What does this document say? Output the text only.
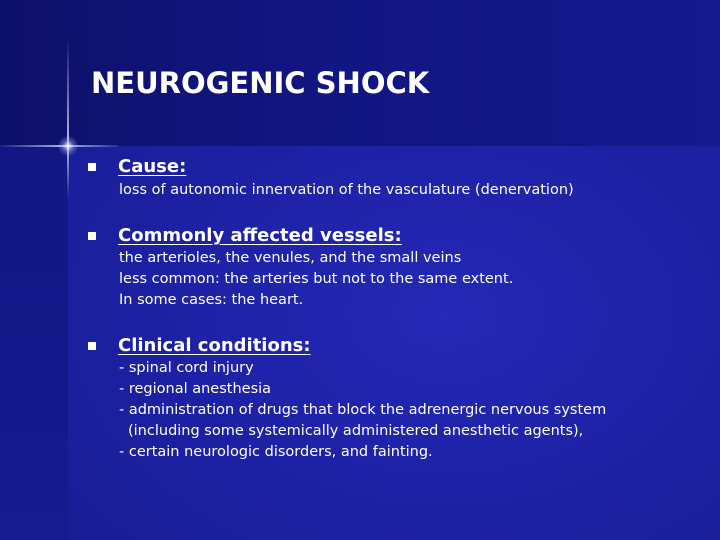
NEUROGENIC SHOCK
Cause:
loss of autonomic innervation of the vasculature (denervation)
Commonly affected vessels:
the arterioles, the venules, and the small veins
less common: the arteries but not to the same extent.
In some cases: the heart.
Clinical conditions:
- spinal cord injury
- regional anesthesia
- administration of drugs that block the adrenergic nervous system
(including some systemically administered anesthetic agents),
- certain neurologic disorders, and fainting.
